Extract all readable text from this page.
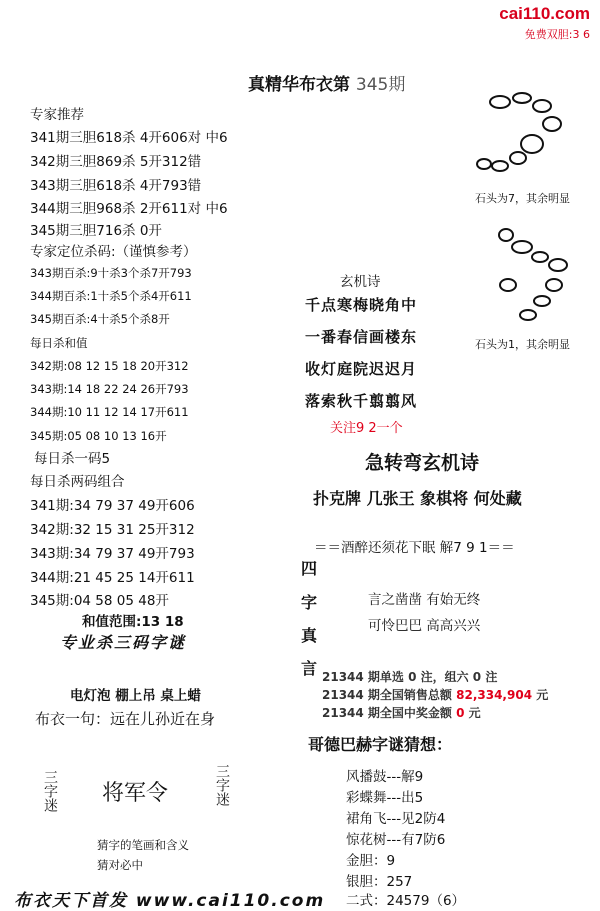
cai110.com
免费双胆:3 6
真精华布衣第 345期
专家推荐
341期三胆618杀 4开606对 中6
342期三胆869杀 5开312错
343期三胆618杀 4开793错
344期三胆968杀 2开611对 中6
345期三胆716杀 0开
专家定位杀码:（谨慎参考）
343期百杀:9十杀3个杀7开793
344期百杀:1十杀5个杀4开611
345期百杀:4十杀5个杀8开
每日杀和值
342期:08 12 15 18 20开312
343期:14 18 22 24 26开793
344期:10 11 12 14 17开611
345期:05 08 10 13 16开
每日杀一码5
每日杀两码组合
341期:34 79 37 49开606
342期:32 15 31 25开312
343期:34 79 37 49开793
344期:21 45 25 14开611
345期:04 58 05 48开
和值范围:13 18
专业杀三码字谜
电灯泡 棚上吊 桌上蜡
布衣一句：远在儿孙近在身
三字迷 将军令	三字迷
猜字的笔画和含义
猜对必中
石头为7，其余明显
石头为1，其余明显
玄机诗
千点寒梅晓角中
一番春信画楼东
收灯庭院迟迟月
落索秋千翦翦风
关注9 2一个
急转弯玄机诗
扑克牌 几张王 象棋将 何处藏
＝＝酒醉还须花下眠 解7 9 1＝＝
四
字
真
言
言之凿凿 有始无终
可怜巴巴 高高兴兴
21344 期单选 0 注，组六 0 注
21344 期全国销售总额 82,334,904 元
21344 期全国中奖金额 0 元
哥德巴赫字谜猜想：
风播鼓---解9
彩蝶舞---出5
裙角飞---见2防4
惊花树---有7防6
金胆：9
银胆：257
二式：24579（6）
布衣天下首发 www.cai110.com
